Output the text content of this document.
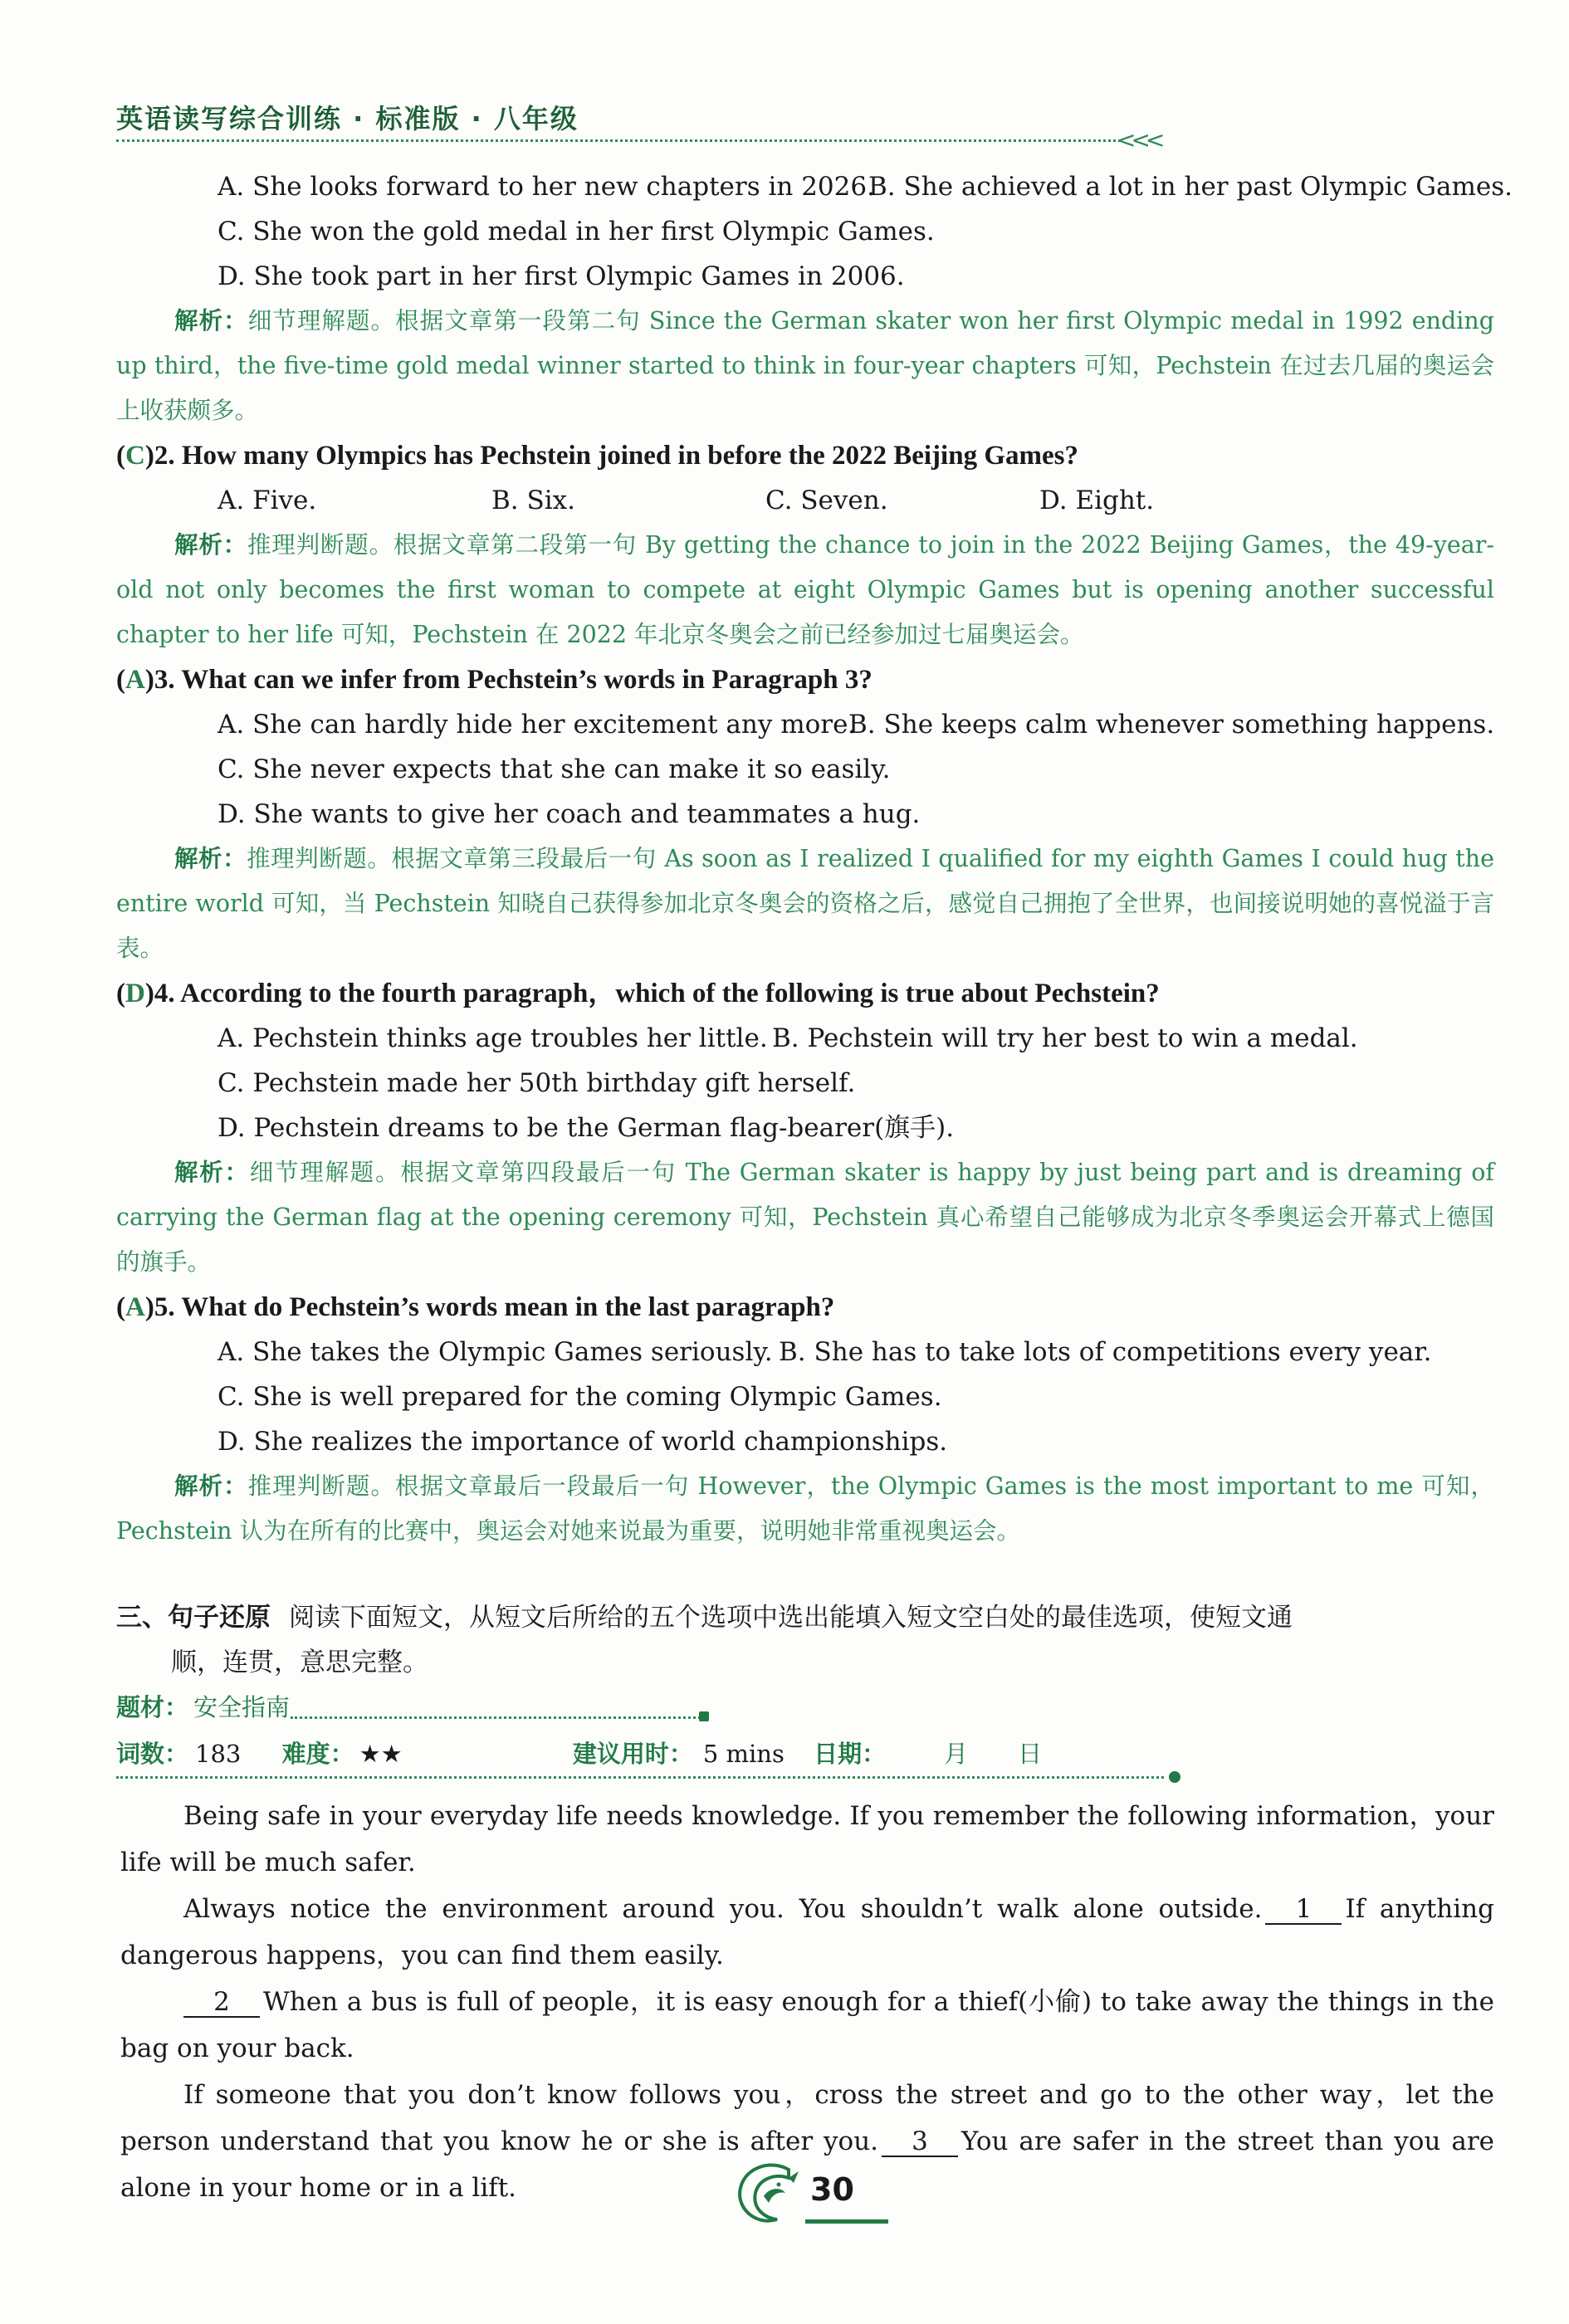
英语读写综合训练 · 标准版 · 八年级
<<<
A. She looks forward to her new chapters in 2026.B. She achieved a lot in her past Olympic Games.
C. She won the gold medal in her first Olympic Games.
D. She took part in her first Olympic Games in 2006.
解析：细节理解题。根据文章第一段第二句 Since the German skater won her first Olympic medal in 1992 ending up third，the five-time gold medal winner started to think in four-year chapters 可知，Pechstein 在过去几届的奥运会上收获颇多。
(C)2. How many Olympics has Pechstein joined in before the 2022 Beijing Games?
A. Five.	B. Six.	C. Seven.	D. Eight.
解析：推理判断题。根据文章第二段第一句 By getting the chance to join in the 2022 Beijing Games，the 49-year-old not only becomes the first woman to compete at eight Olympic Games but is opening another successful chapter to her life 可知，Pechstein 在 2022 年北京冬奥会之前已经参加过七届奥运会。
(A)3. What can we infer from Pechstein’s words in Paragraph 3?
A. She can hardly hide her excitement any more.B. She keeps calm whenever something happens.
C. She never expects that she can make it so easily.
D. She wants to give her coach and teammates a hug.
解析：推理判断题。根据文章第三段最后一句 As soon as I realized I qualified for my eighth Games I could hug the entire world 可知，当 Pechstein 知晓自己获得参加北京冬奥会的资格之后，感觉自己拥抱了全世界，也间接说明她的喜悦溢于言表。
(D)4. According to the fourth paragraph，which of the following is true about Pechstein?
A. Pechstein thinks age troubles her little. B. Pechstein will try her best to win a medal.
C. Pechstein made her 50th birthday gift herself.
D. Pechstein dreams to be the German flag-bearer(旗手).
解析：细节理解题。根据文章第四段最后一句 The German skater is happy by just being part and is dreaming of carrying the German flag at the opening ceremony 可知，Pechstein 真心希望自己能够成为北京冬季奥运会开幕式上德国的旗手。
(A)5. What do Pechstein’s words mean in the last paragraph?
A. She takes the Olympic Games seriously. B. She has to take lots of competitions every year.
C. She is well prepared for the coming Olympic Games.
D. She realizes the importance of world championships.
解析：推理判断题。根据文章最后一段最后一句 However，the Olympic Games is the most important to me 可知，Pechstein 认为在所有的比赛中，奥运会对她来说最为重要，说明她非常重视奥运会。
三、句子还原 阅读下面短文，从短文后所给的五个选项中选出能填入短文空白处的最佳选项，使短文通
顺，连贯，意思完整。
题材： 安全指南
词数： 183 难度： ★★	建议用时： 5 mins 日期： 月 日

Being safe in your everyday life needs knowledge. If you remember the following information，your life will be much safer.

Always notice the environment around you. You shouldn’t walk alone outside. 1 If anything dangerous happens，you can find them easily.

2 When a bus is full of people，it is easy enough for a thief(小偷) to take away the things in the bag on your back.

If someone that you don’t know follows you，cross the street and go to the other way，let the person understand that you know he or she is after you. 3 You are safer in the street than you are alone in your home or in a lift.	30
